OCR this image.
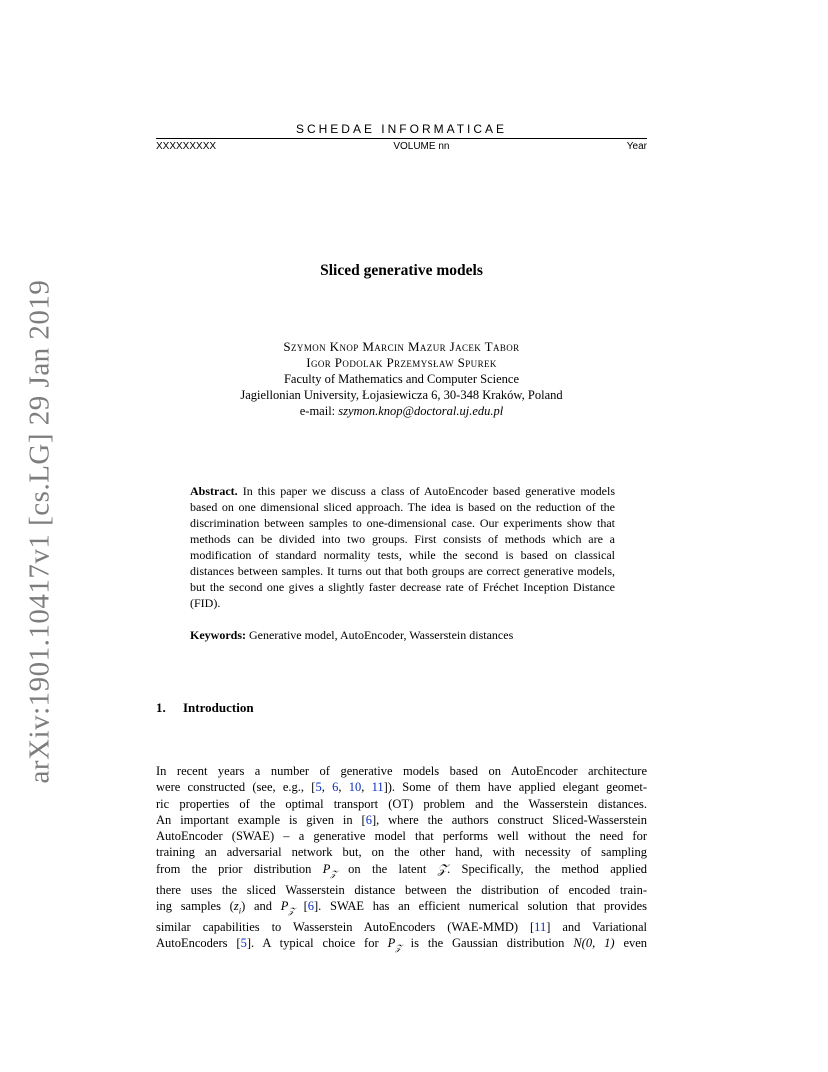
arXiv:1901.10417v1 [cs.LG] 29 Jan 2019
SCHEDAE INFORMATICAE
XXXXXXXXX	VOLUME nn	Year
Sliced generative models
Szymon Knop Marcin Mazur Jacek Tabor
Igor Podolak Przemysław Spurek
Faculty of Mathematics and Computer Science
Jagiellonian University, Łojasiewicza 6, 30-348 Kraków, Poland
e-mail: szymon.knop@doctoral.uj.edu.pl
Abstract. In this paper we discuss a class of AutoEncoder based generative models based on one dimensional sliced approach. The idea is based on the reduction of the discrimination between samples to one-dimensional case. Our experiments show that methods can be divided into two groups. First consists of methods which are a modification of standard normality tests, while the second is based on classical distances between samples. It turns out that both groups are correct generative models, but the second one gives a slightly faster decrease rate of Fréchet Inception Distance (FID).
Keywords: Generative model, AutoEncoder, Wasserstein distances
1. Introduction

In recent years a number of generative models based on AutoEncoder architecture
were constructed (see, e.g., [5, 6, 10, 11]). Some of them have applied elegant geomet-
ric properties of the optimal transport (OT) problem and the Wasserstein distances.
An important example is given in [6], where the authors construct Sliced-Wasserstein
AutoEncoder (SWAE) – a generative model that performs well without the need for
training an adversarial network but, on the other hand, with necessity of sampling
from the prior distribution $P_𝒵$ on the latent 𝒵. Specifically, the method applied
there uses the sliced Wasserstein distance between the distribution of encoded train-
ing samples $(z_i)$ and $P_𝒵$ [6]. SWAE has an efficient numerical solution that provides
similar capabilities to Wasserstein AutoEncoders (WAE-MMD) [11] and Variational
AutoEncoders [5]. A typical choice for $P_𝒵$ is the Gaussian distribution N(0, 1) even
